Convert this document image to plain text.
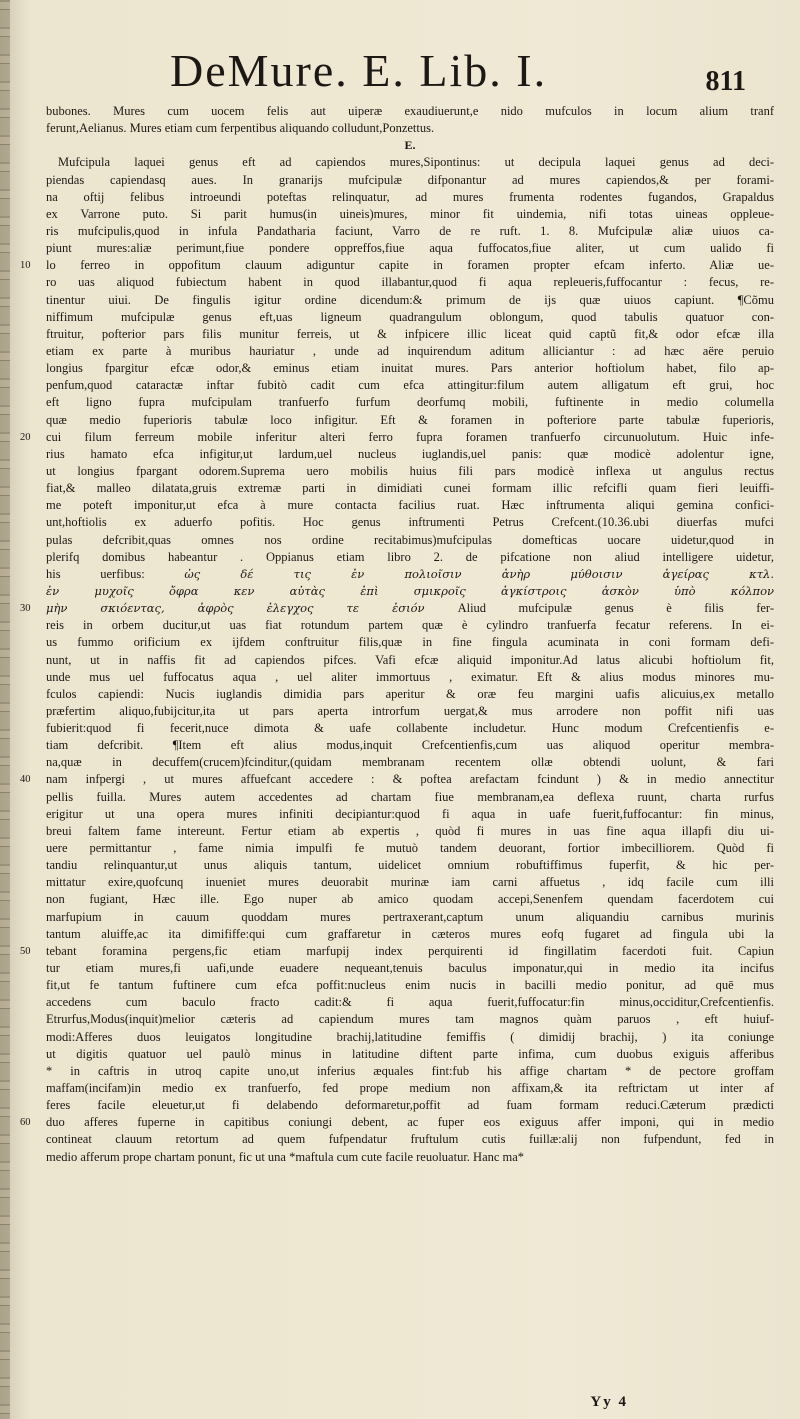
DeMure. E. Lib. I.	811
bubones. Mures cum uocem felis aut uiperæ exaudiuerunt,e nido mufculos in locum alium tranf
ferunt,Aelianus. Mures etiam cum ferpentibus aliquando colludunt,Ponzettus.
E.
Mufcipula laquei genus eft ad capiendos mures,Sipontinus: ut decipula laquei genus ad deci-
piendas capiendasq aues. In granarijs mufcipulæ difponantur ad mures capiendos,& per forami-
na oftij felibus introeundi poteftas relinquatur, ad mures frumenta rodentes fugandos, Grapaldus
ex Varrone puto. Si parit humus(in uineis)mures, minor fit uindemia, nifi totas uineas oppleue-
ris mufcipulis,quod in infula Pandatharia faciunt, Varro de re ruft. 1. 8. Mufcipulæ aliæ uiuos ca-
piunt mures:aliæ perimunt,fiue pondere oppreffos,fiue aqua fuffocatos,fiue aliter, ut cum ualido fi
10	lo ferreo in oppofitum clauum adiguntur capite in foramen propter efcam inferto. Aliæ ue-
ro uas aliquod fubiectum habent in quod illabantur,quod fi aqua repleueris,fuffocantur : fecus, re-
tinentur uiui. De fingulis igitur ordine dicendum:& primum de ijs quæ uiuos capiunt. ¶Cõmu
niffimum mufcipulæ genus eft,uas ligneum quadrangulum oblongum, quod tabulis quatuor con-
ftruitur, pofterior pars filis munitur ferreis, ut & infpicere illic liceat quid captũ fit,& odor efcæ illa
etiam ex parte à muribus hauriatur , unde ad inquirendum aditum alliciantur : ad hæc aëre peruio
longius fpargitur efcæ odor,& eminus etiam inuitat mures. Pars anterior hoftiolum habet, filo ap-
penfum,quod cataractæ inftar fubitò cadit cum efca attingitur:filum autem alligatum eft grui, hoc
eft ligno fupra mufcipulam tranfuerfo furfum deorfumq mobili, fuftinente in medio columella
quæ medio fuperioris tabulæ loco infigitur. Eft & foramen in pofteriore parte tabulæ fuperioris,
20	cui filum ferreum mobile inferitur alteri ferro fupra foramen tranfuerfo circunuolutum. Huic infe-
rius hamato efca infigitur,ut lardum,uel nucleus iuglandis,uel panis: quæ modicè adolentur igne,
ut longius fpargant odorem.Suprema uero mobilis huius fili pars modicè inflexa ut angulus rectus
fiat,& malleo dilatata,gruis extremæ parti in dimidiati cunei formam illic refcifli quam fieri leuiffi-
me poteft imponitur,ut efca à mure contacta facilius ruat. Hæc inftrumenta aliqui gemina confici-
unt,hoftiolis ex aduerfo pofitis. Hoc genus inftrumenti Petrus Crefcent.(10.36.ubi diuerfas mufci
pulas defcribit,quas omnes nos ordine recitabimus)mufcipulas domefticas uocare uidetur,quod in
plerifq domibus habeantur . Oppianus etiam libro 2. de pifcatione non aliud intelligere uidetur,
his uerfibus: ὡς δέ τις ἐν πολιοῖσιν ἀνὴρ μύθοισιν ἀγείρας κτλ.
ἐν μυχοῖς ὄφρα κεν αὐτὰς ἐπὶ σμικροῖς ἀγκίστροις ἀσκὸν ὑπὸ κόλπον
30	μὴν σκιόεντας, ἀφρὸς ἐλεγχος τε ἐσιόν Aliud mufcipulæ genus è filis fer-
reis in orbem ducitur,ut uas fiat rotundum partem quæ è cylindro tranfuerfa fecatur referens. In ei-
us fummo orificium ex ijfdem conftruitur filis,quæ in fine fingula acuminata in coni formam defi-
nunt, ut in naffis fit ad capiendos pifces. Vafi efcæ aliquid imponitur.Ad latus alicubi hoftiolum fit,
unde mus uel fuffocatus aqua , uel aliter immortuus , eximatur. Eft & alius modus minores mu-
fculos capiendi: Nucis iuglandis dimidia pars aperitur & oræ feu margini uafis alicuius,ex metallo
præfertim aliquo,fubijcitur,ita ut pars aperta introrfum uergat,& mus arrodere non poffit nifi uas
fubierit:quod fi fecerit,nuce dimota & uafe collabente includetur. Hunc modum Crefcentienfis e-
tiam defcribit. ¶Item eft alius modus,inquit Crefcentienfis,cum uas aliquod operitur membra-
na,quæ in decuffem(crucem)fcinditur,(quidam membranam recentem ollæ obtendi uolunt, & fari
40	nam infpergi , ut mures affuefcant accedere : & poftea arefactam fcindunt ) & in medio annectitur
pellis fuilla. Mures autem accedentes ad chartam fiue membranam,ea deflexa ruunt, charta rurfus
erigitur ut una opera mures infiniti decipiantur:quod fi aqua in uafe fuerit,fuffocantur: fin minus,
breui faltem fame intereunt. Fertur etiam ab expertis , quòd fi mures in uas fine aqua illapfi diu ui-
uere permittantur , fame nimia impulfi fe mutuò tandem deuorant, fortior imbecilliorem. Quòd fi
tandiu relinquantur,ut unus aliquis tantum, uidelicet omnium robuftiffimus fuperfit, & hic per-
mittatur exire,quofcunq inueniet mures deuorabit murinæ iam carni affuetus , idq facile cum illi
non fugiant, Hæc ille. Ego nuper ab amico quodam accepi,Senenfem quendam facerdotem cui
marfupium in cauum quoddam mures pertraxerant,captum unum aliquandiu carnibus murinis
tantum aluiffe,ac ita dimififfe:qui cum graffaretur in cæteros mures eofq fugaret ad fingula ubi la
50	tebant foramina pergens,fic etiam marfupij index perquirenti id fingillatim facerdoti fuit. Capiun
tur etiam mures,fi uafi,unde euadere nequeant,tenuis baculus imponatur,qui in medio ita incifus
fit,ut fe tantum fuftinere cum efca poffit:nucleus enim nucis in bacilli medio ponitur, ad quē mus
accedens cum baculo fracto cadit:& fi aqua fuerit,fuffocatur:fin minus,occiditur,Crefcentienfis.
Etrurfus,Modus(inquit)melior cæteris ad capiendum mures tam magnos quàm paruos , eft huiuf-
modi:Afferes duos leuigatos longitudine brachij,latitudine femiffis ( dimidij brachij, ) ita coniunge
ut digitis quatuor uel paulò minus in latitudine diftent parte infima, cum duobus exiguis afferibus
* in caftris in utroq capite uno,ut inferius æquales fint:fub his affige chartam * de pectore groffam
maffam(incifam)in medio ex tranfuerfo, fed prope medium non affixam,& ita reftrictam ut inter af
feres facile eleuetur,ut fi delabendo deformaretur,poffit ad fuam formam reduci.Cæterum prædicti
60	duo afferes fuperne in capitibus coniungi debent, ac fuper eos exiguus affer imponi, qui in medio
contineat clauum retortum ad quem fufpendatur fruftulum cutis fuillæ:alij non fufpendunt, fed in
medio afferum prope chartam ponunt, fic ut una *maftula cum cute facile reuoluatur. Hanc ma*
Yy 4
